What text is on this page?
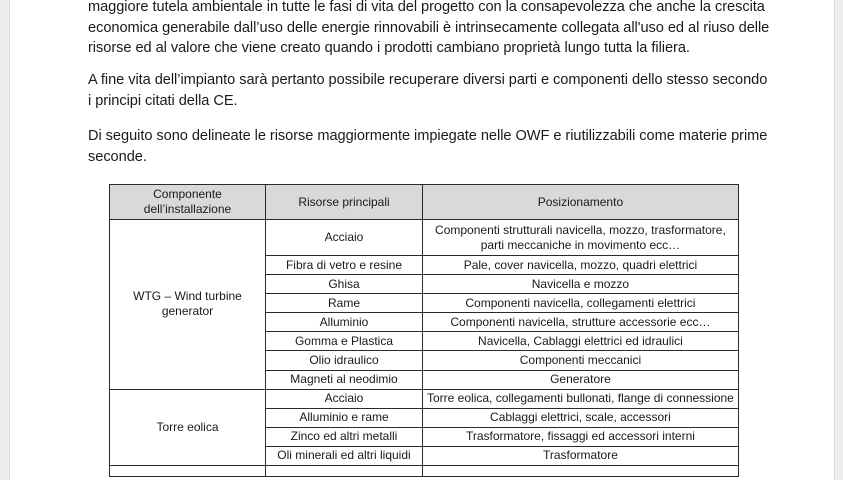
maggiore tutela ambientale in tutte le fasi di vita del progetto con la consapevolezza che anche la crescita
economica generabile dall’uso delle energie rinnovabili è intrinsecamente collegata all'uso ed al riuso delle
risorse ed al valore che viene creato quando i prodotti cambiano proprietà lungo tutta la filiera.

A fine vita dell’impianto sarà pertanto possibile recuperare diversi parti e componenti dello stesso secondo
i principi citati della CE.

Di seguito sono delineate le risorse maggiormente impiegate nelle OWF e riutilizzabili come materie prime
seconde.

Componente
dell’installazione	Risorse principali	Posizionamento
WTG – Wind turbine
generator	Acciaio	Componenti strutturali navicella, mozzo, trasformatore,
parti meccaniche in movimento ecc…
	Fibra di vetro e resine	Pale, cover navicella, mozzo, quadri elettrici
	Ghisa	Navicella e mozzo
	Rame	Componenti navicella, collegamenti elettrici
	Alluminio	Componenti navicella, strutture accessorie ecc…
	Gomma e Plastica	Navicella, Cablaggi elettrici ed idraulici
	Olio idraulico	Componenti meccanici
	Magneti al neodimio	Generatore
Torre eolica	Acciaio	Torre eolica, collegamenti bullonati, flange di connessione
	Alluminio e rame	Cablaggi elettrici, scale, accessori
	Zinco ed altri metalli	Trasformatore, fissaggi ed accessori interni
	Oli minerali ed altri liquidi	Trasformatore
